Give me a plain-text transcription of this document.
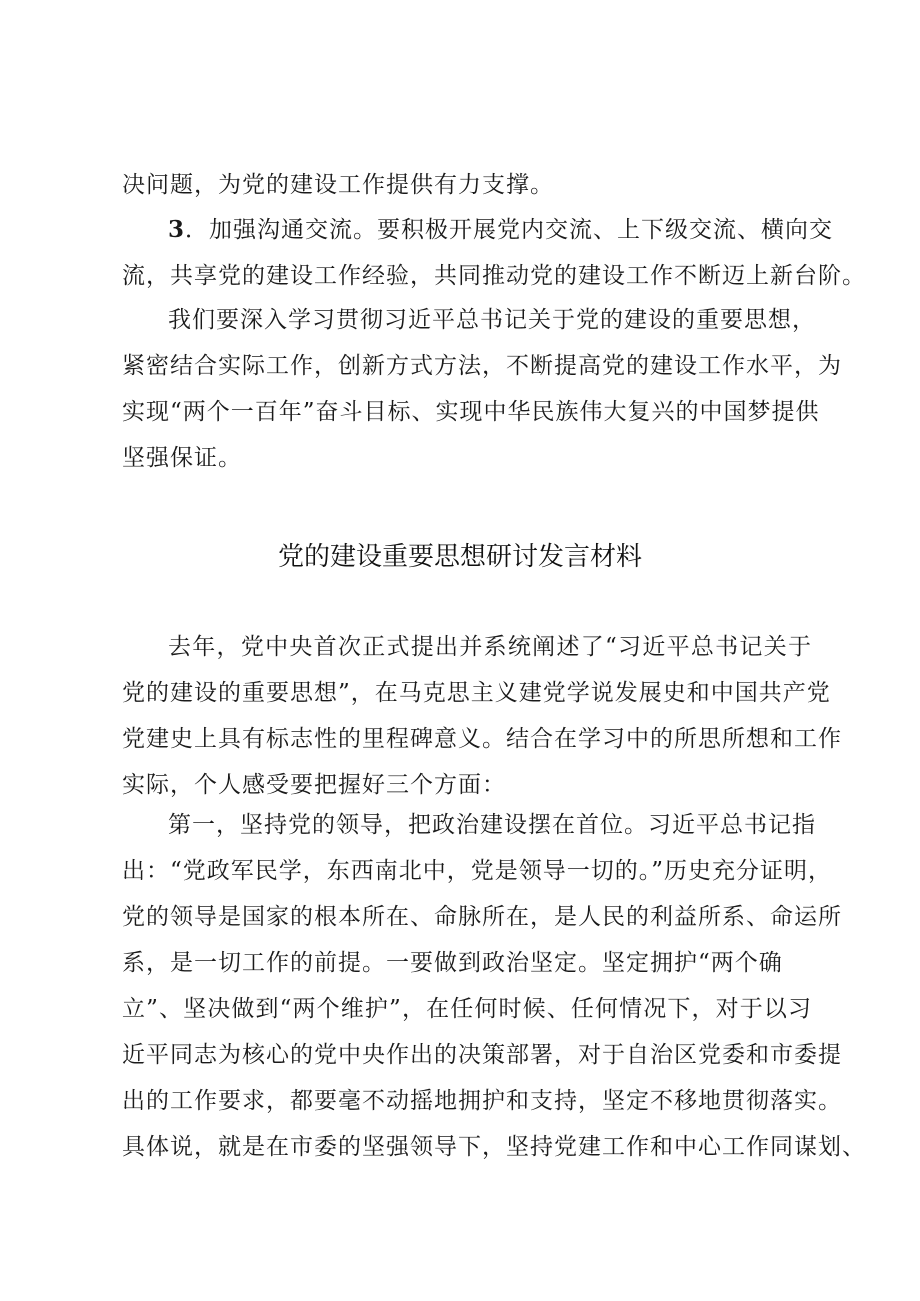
决问题，为党的建设工作提供有力支撑。
3．加强沟通交流。要积极开展党内交流、上下级交流、横向交
流，共享党的建设工作经验，共同推动党的建设工作不断迈上新台阶。
我们要深入学习贯彻习近平总书记关于党的建设的重要思想，
紧密结合实际工作，创新方式方法，不断提高党的建设工作水平，为
实现“两个一百年”奋斗目标、实现中华民族伟大复兴的中国梦提供
坚强保证。
党的建设重要思想研讨发言材料
去年，党中央首次正式提出并系统阐述了“习近平总书记关于
党的建设的重要思想”，在马克思主义建党学说发展史和中国共产党
党建史上具有标志性的里程碑意义。结合在学习中的所思所想和工作
实际，个人感受要把握好三个方面：
第一，坚持党的领导，把政治建设摆在首位。习近平总书记指
出：“党政军民学，东西南北中，党是领导一切的。”历史充分证明，
党的领导是国家的根本所在、命脉所在，是人民的利益所系、命运所
系，是一切工作的前提。一要做到政治坚定。坚定拥护“两个确
立”、坚决做到“两个维护”，在任何时候、任何情况下，对于以习
近平同志为核心的党中央作出的决策部署，对于自治区党委和市委提
出的工作要求，都要毫不动摇地拥护和支持，坚定不移地贯彻落实。
具体说，就是在市委的坚强领导下，坚持党建工作和中心工作同谋划、
